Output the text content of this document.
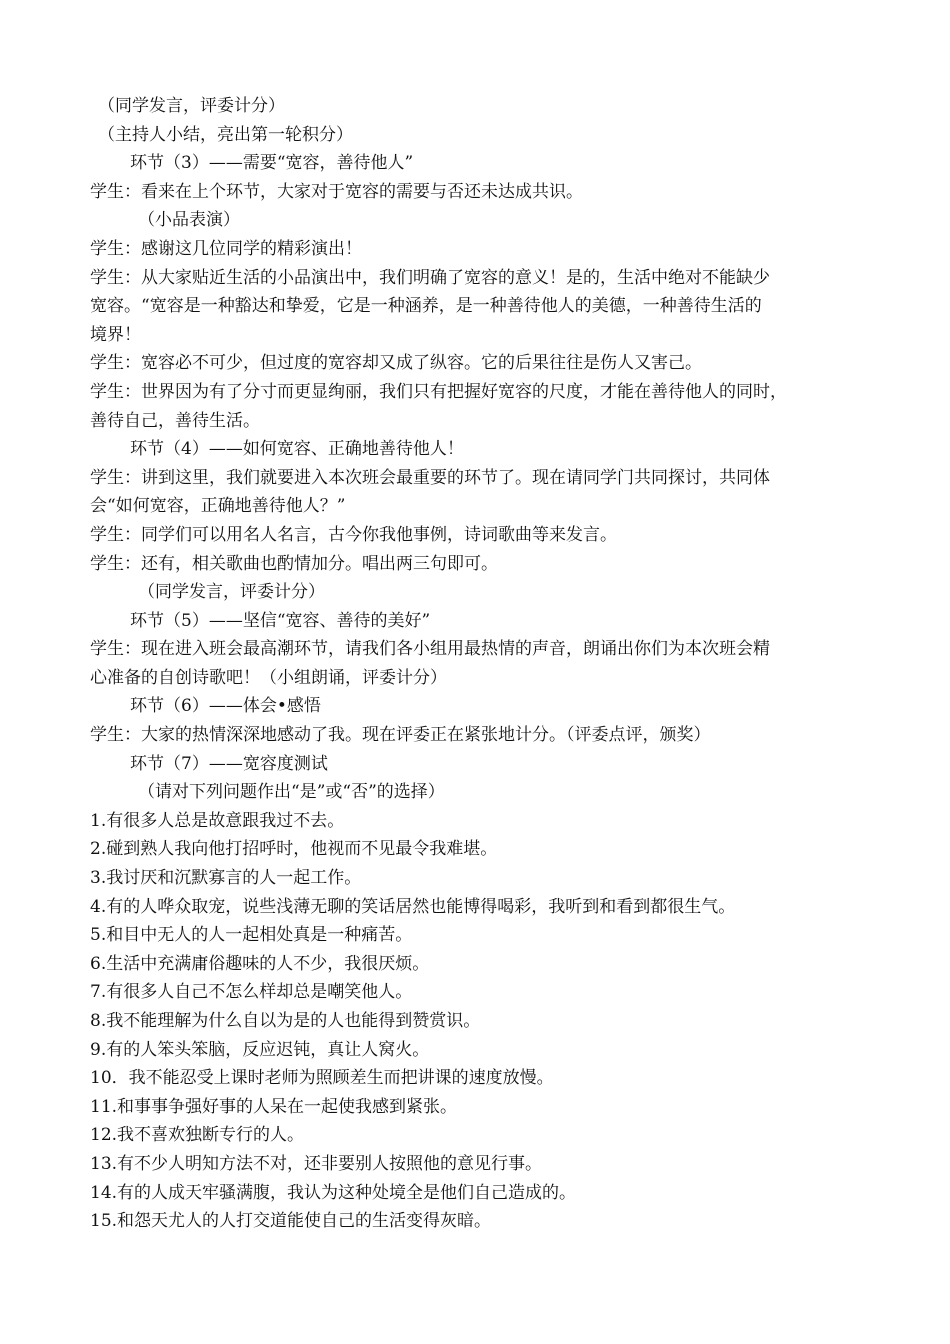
（同学发言，评委计分）
（主持人小结，亮出第一轮积分）
环节（3）——需要“宽容，善待他人”
学生：看来在上个环节，大家对于宽容的需要与否还未达成共识。
（小品表演）
学生：感谢这几位同学的精彩演出！
学生：从大家贴近生活的小品演出中，我们明确了宽容的意义！是的，生活中绝对不能缺少
宽容。“宽容是一种豁达和挚爱，它是一种涵养，是一种善待他人的美德，一种善待生活的
境界！
学生：宽容必不可少，但过度的宽容却又成了纵容。它的后果往往是伤人又害己。
学生：世界因为有了分寸而更显绚丽，我们只有把握好宽容的尺度，才能在善待他人的同时，
善待自己，善待生活。
环节（4）——如何宽容、正确地善待他人！
学生：讲到这里，我们就要进入本次班会最重要的环节了。现在请同学门共同探讨，共同体
会“如何宽容，正确地善待他人？”
学生：同学们可以用名人名言，古今你我他事例，诗词歌曲等来发言。
学生：还有，相关歌曲也酌情加分。唱出两三句即可。
（同学发言，评委计分）
环节（5）——坚信“宽容、善待的美好”
学生：现在进入班会最高潮环节，请我们各小组用最热情的声音，朗诵出你们为本次班会精
心准备的自创诗歌吧！（小组朗诵，评委计分）
环节（6）——体会•感悟
学生：大家的热情深深地感动了我。现在评委正在紧张地计分。（评委点评，颁奖）
环节（7）——宽容度测试
（请对下列问题作出“是”或“否”的选择）
1.有很多人总是故意跟我过不去。
2.碰到熟人我向他打招呼时，他视而不见最令我难堪。
3.我讨厌和沉默寡言的人一起工作。
4.有的人哗众取宠，说些浅薄无聊的笑话居然也能博得喝彩，我听到和看到都很生气。
5.和目中无人的人一起相处真是一种痛苦。
6.生活中充满庸俗趣味的人不少，我很厌烦。
7.有很多人自己不怎么样却总是嘲笑他人。
8.我不能理解为什么自以为是的人也能得到赞赏识。
9.有的人笨头笨脑，反应迟钝，真让人窝火。
10．我不能忍受上课时老师为照顾差生而把讲课的速度放慢。
11.和事事争强好事的人呆在一起使我感到紧张。
12.我不喜欢独断专行的人。
13.有不少人明知方法不对，还非要别人按照他的意见行事。
14.有的人成天牢骚满腹，我认为这种处境全是他们自己造成的。
15.和怨天尤人的人打交道能使自己的生活变得灰暗。
